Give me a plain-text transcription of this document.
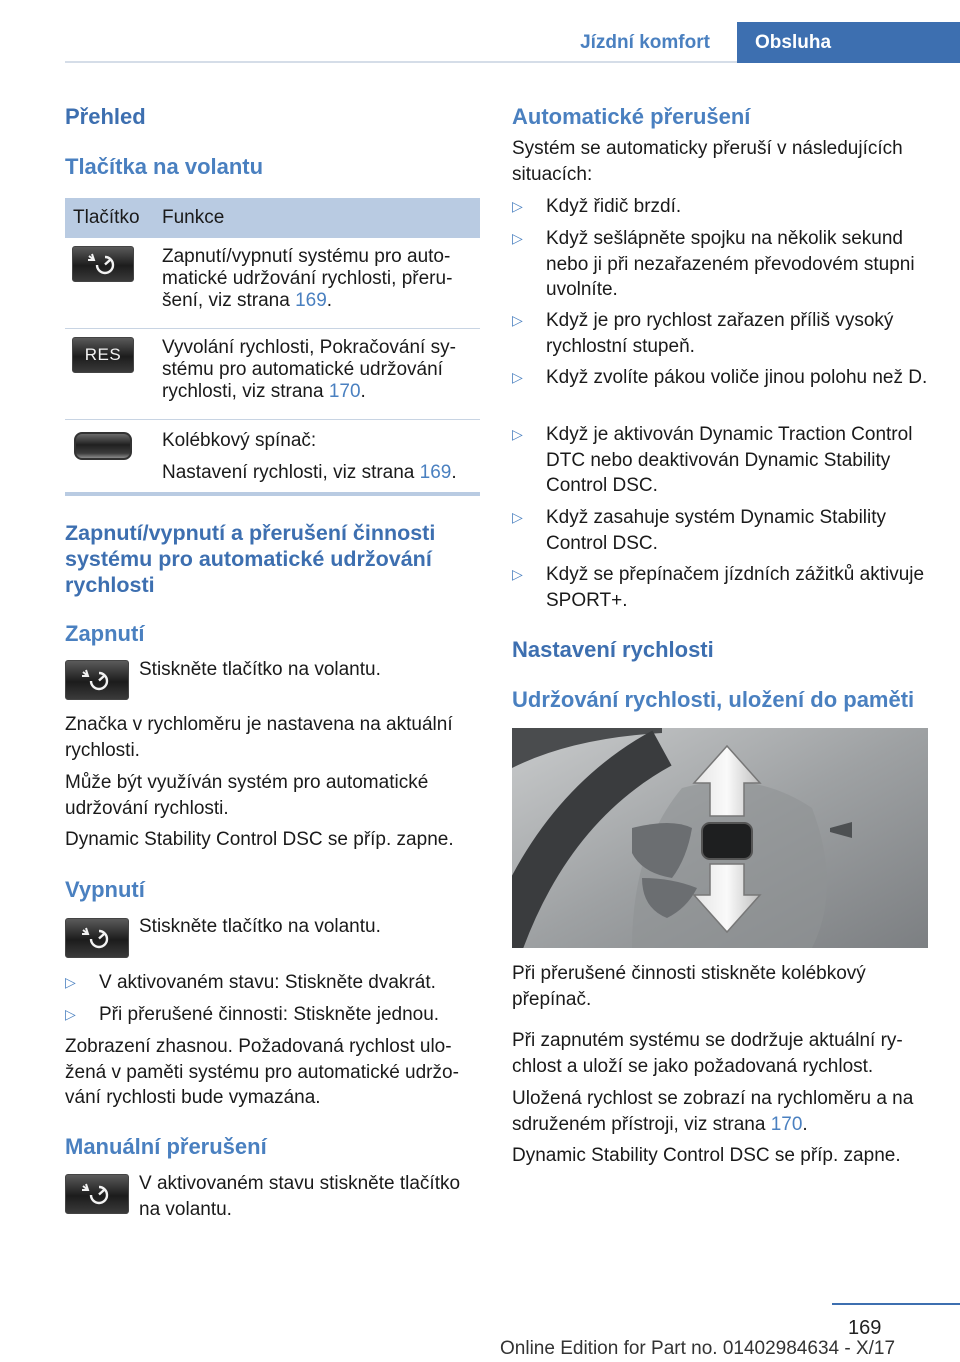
Jízdní komfort	Obsluha
Přehled
Tlačítka na volantu
Tlačítko	Funkce

	Zapnutí/vypnutí systému pro automatické udržování rychlosti, přerušení, viz strana 169.

RES	Vyvolání rychlosti, Pokračování systému pro automatické udržování rychlosti, viz strana 170.

	Kolébkový spínač:
Nastavení rychlosti, viz strana 169.
Zapnutí/vypnutí a přerušení činnosti systému pro automatické udržování rychlosti
Zapnutí
Stiskněte tlačítko na volantu.
Značka v rychloměru je nastavena na aktuální rychlosti.
Může být využíván systém pro automatické udržování rychlosti.
Dynamic Stability Control DSC se příp. zapne.
Vypnutí
Stiskněte tlačítko na volantu.
▷ V aktivovaném stavu: Stiskněte dvakrát.
▷ Při přerušené činnosti: Stiskněte jednou.
Zobrazení zhasnou. Požadovaná rychlost uložená v paměti systému pro automatické udržování rychlosti bude vymazána.
Manuální přerušení
V aktivovaném stavu stiskněte tlačítko na volantu.
Automatické přerušení
Systém se automaticky přeruší v následujících situacích:
▷ Když řidič brzdí.
▷ Když sešlápněte spojku na několik sekund nebo ji při nezařazeném převodovém stupni uvolníte.
▷ Když je pro rychlost zařazen příliš vysoký rychlostní stupeň.
▷ Když zvolíte pákou voliče jinou polohu než D.
▷ Když je aktivován Dynamic Traction Control DTC nebo deaktivován Dynamic Stability Control DSC.
▷ Když zasahuje systém Dynamic Stability Control DSC.
▷ Když se přepínačem jízdních zážitků aktivuje SPORT+.
Nastavení rychlosti
Udržování rychlosti, uložení do paměti
Při přerušené činnosti stiskněte kolébkový přepínač.
Při zapnutém systému se dodržuje aktuální rychlost a uloží se jako požadovaná rychlost.
Uložená rychlost se zobrazí na rychloměru a na sdruženém přístroji, viz strana 170.
Dynamic Stability Control DSC se příp. zapne.
169
Online Edition for Part no. 01402984634 - X/17
